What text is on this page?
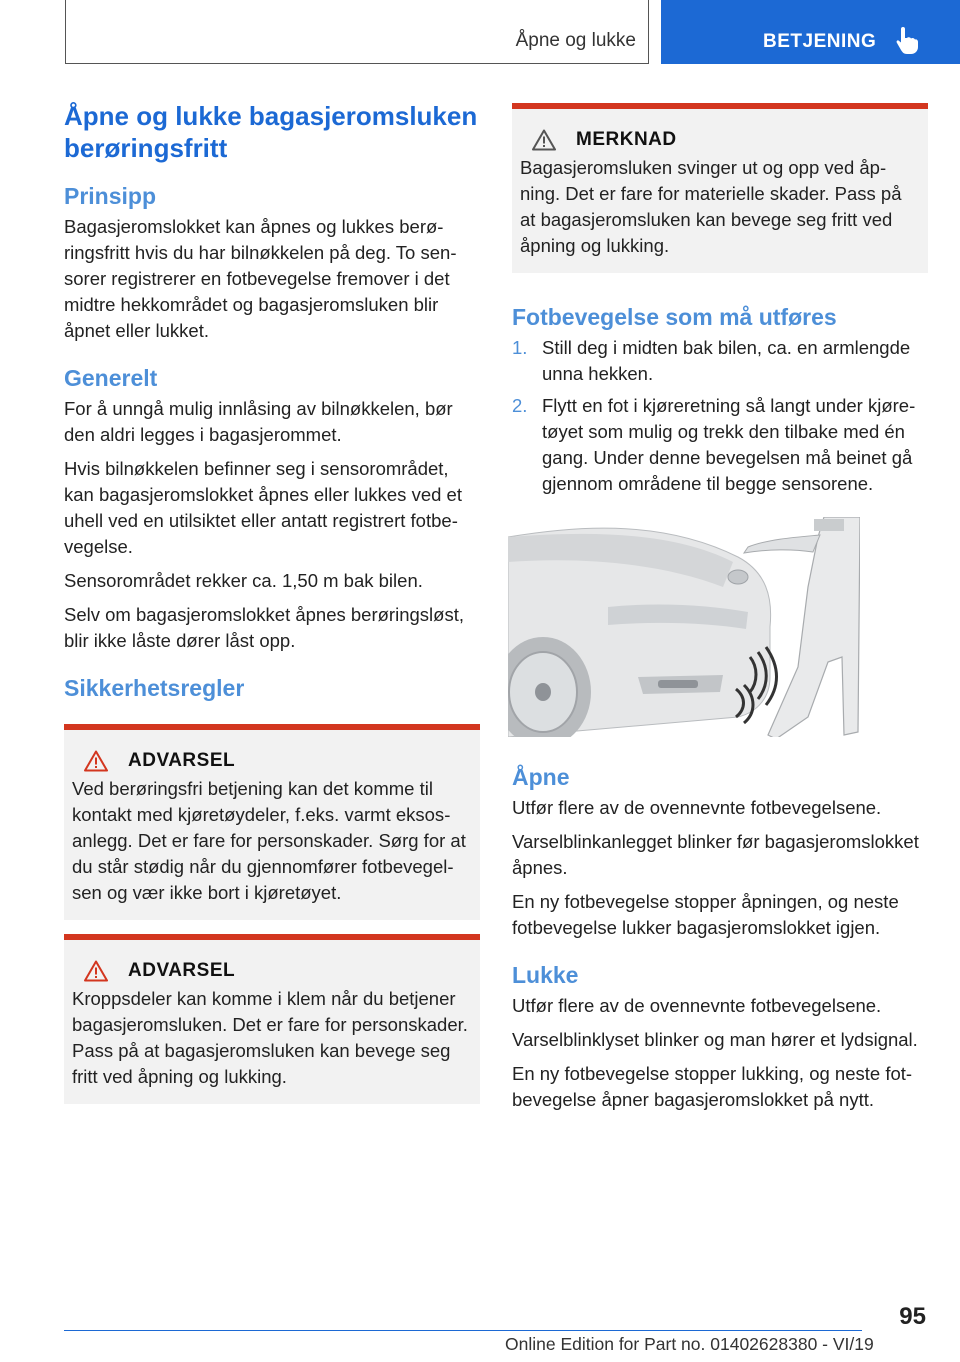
Åpne og lukke	BETJENING
Åpne og lukke bagasjeromsluken berøringsfritt
Prinsipp

Bagasjeromslokket kan åpnes og lukkes berøringsfritt hvis du har bilnøkkelen på deg. To sensorer registrerer en fotbevegelse fremover i det midtre hekkområdet og bagasjeromsluken blir åpnet eller lukket.

Generelt

For å unngå mulig innlåsing av bilnøkkelen, bør den aldri legges i bagasjerommet.

Hvis bilnøkkelen befinner seg i sensorområdet, kan bagasjeromslokket åpnes eller lukkes ved et uhell ved en utilsiktet eller antatt registrert fotbevegelse.

Sensorområdet rekker ca. 1,50 m bak bilen.

Selv om bagasjeromslokket åpnes berøringsløst, blir ikke låste dører låst opp.

Sikkerhetsregler
ADVARSEL

Ved berøringsfri betjening kan det komme til kontakt med kjøretøydeler, f.eks. varmt eksosanlegg. Det er fare for personskader. Sørg for at du står stødig når du gjennomfører fotbevegelsen og vær ikke bort i kjøretøyet.

ADVARSEL

Kroppsdeler kan komme i klem når du betjener bagasjeromsluken. Det er fare for personskader. Pass på at bagasjeromsluken kan bevege seg fritt ved åpning og lukking.

MERKNAD

Bagasjeromsluken svinger ut og opp ved åpning. Det er fare for materielle skader. Pass på at bagasjeromsluken kan bevege seg fritt ved åpning og lukking.

Fotbevegelse som må utføres
1. Still deg i midten bak bilen, ca. en armlengde unna hekken.
2. Flytt en fot i kjøreretning så langt under kjøretøyet som mulig og trekk den tilbake med én gang. Under denne bevegelsen må beinet gå gjennom områdene til begge sensorene.
Åpne

Utfør flere av de ovennevnte fotbevegelsene.

Varselblinkanlegget blinker før bagasjeromslokket åpnes.

En ny fotbevegelse stopper åpningen, og neste fotbevegelse lukker bagasjeromslokket igjen.

Lukke

Utfør flere av de ovennevnte fotbevegelsene.

Varselblinklyset blinker og man hører et lydsignal.

En ny fotbevegelse stopper lukking, og neste fotbevegelse åpner bagasjeromslokket på nytt.

95
Online Edition for Part no. 01402628380 - VI/19
